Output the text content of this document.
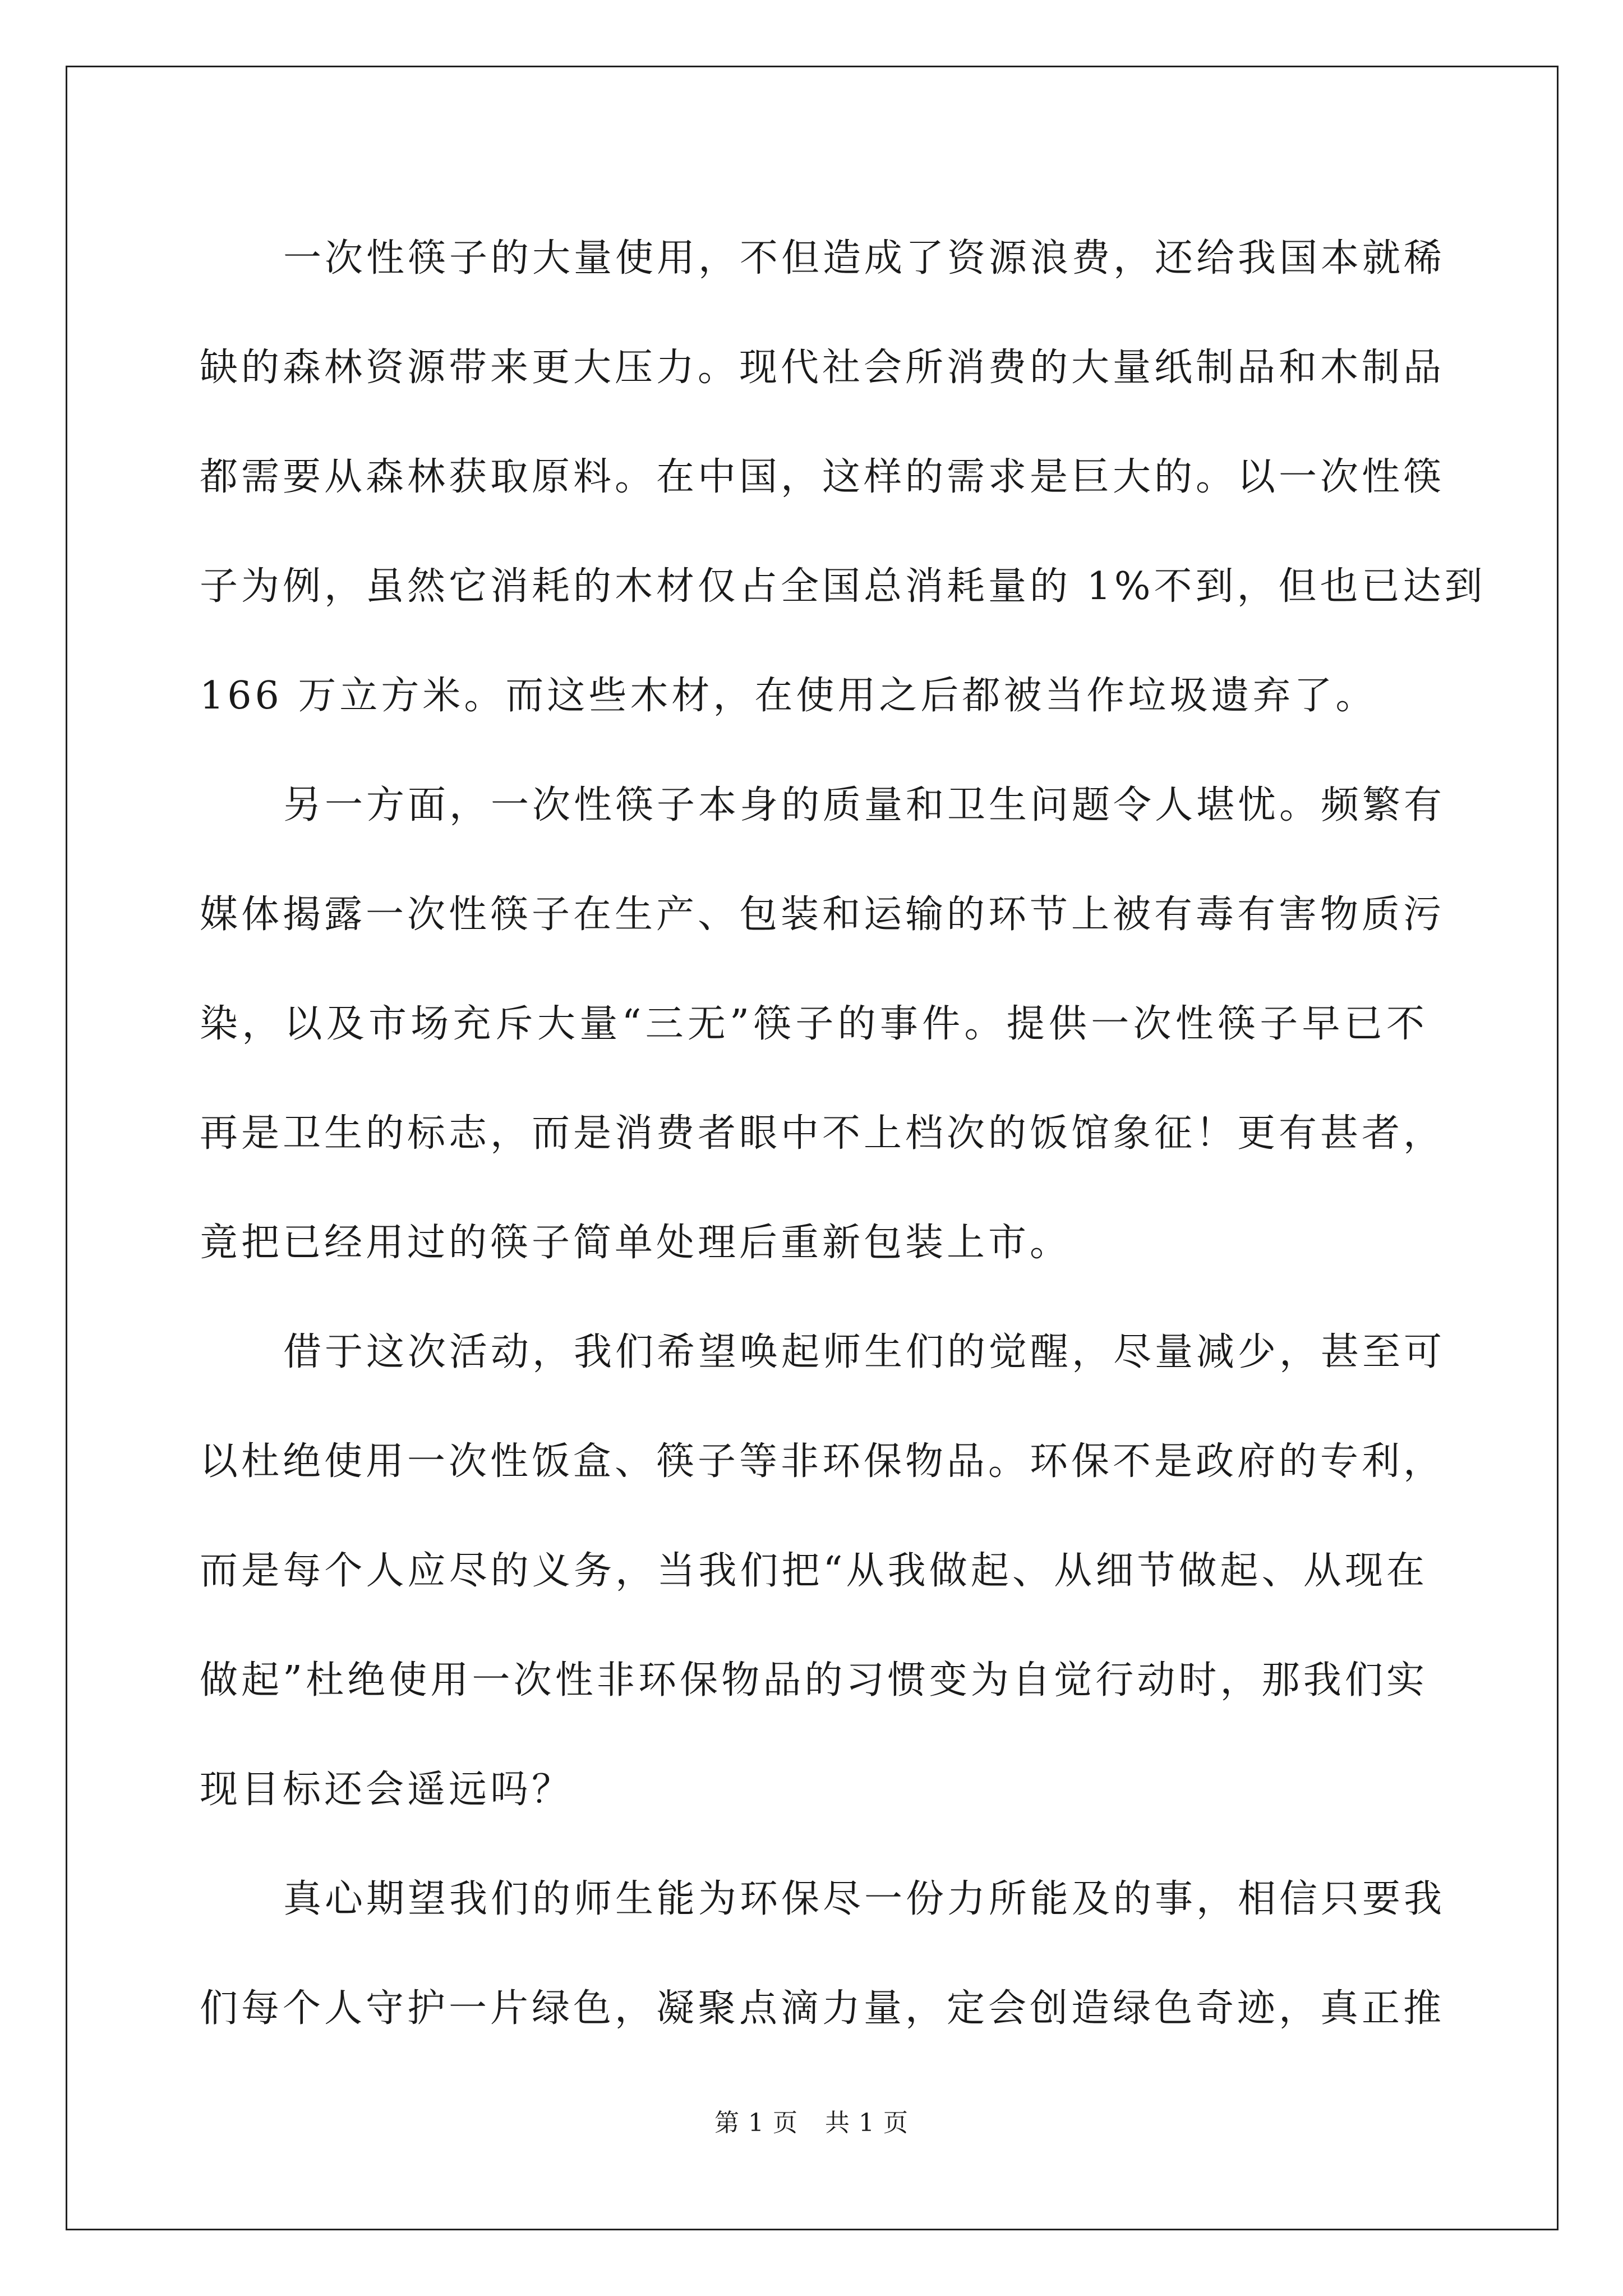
一次性筷子的大量使用，不但造成了资源浪费，还给我国本就稀
缺的森林资源带来更大压力。现代社会所消费的大量纸制品和木制品
都需要从森林获取原料。在中国，这样的需求是巨大的。以一次性筷
子为例，虽然它消耗的木材仅占全国总消耗量的 1%不到，但也已达到
166 万立方米。而这些木材，在使用之后都被当作垃圾遗弃了。
另一方面，一次性筷子本身的质量和卫生问题令人堪忧。频繁有
媒体揭露一次性筷子在生产、包装和运输的环节上被有毒有害物质污
染，以及市场充斥大量“三无”筷子的事件。提供一次性筷子早已不
再是卫生的标志，而是消费者眼中不上档次的饭馆象征！更有甚者，
竟把已经用过的筷子简单处理后重新包装上市。
借于这次活动，我们希望唤起师生们的觉醒，尽量减少，甚至可
以杜绝使用一次性饭盒、筷子等非环保物品。环保不是政府的专利，
而是每个人应尽的义务，当我们把“从我做起、从细节做起、从现在
做起”杜绝使用一次性非环保物品的习惯变为自觉行动时，那我们实
现目标还会遥远吗？
真心期望我们的师生能为环保尽一份力所能及的事，相信只要我
们每个人守护一片绿色，凝聚点滴力量，定会创造绿色奇迹，真正推
第 1 页 共 1 页
